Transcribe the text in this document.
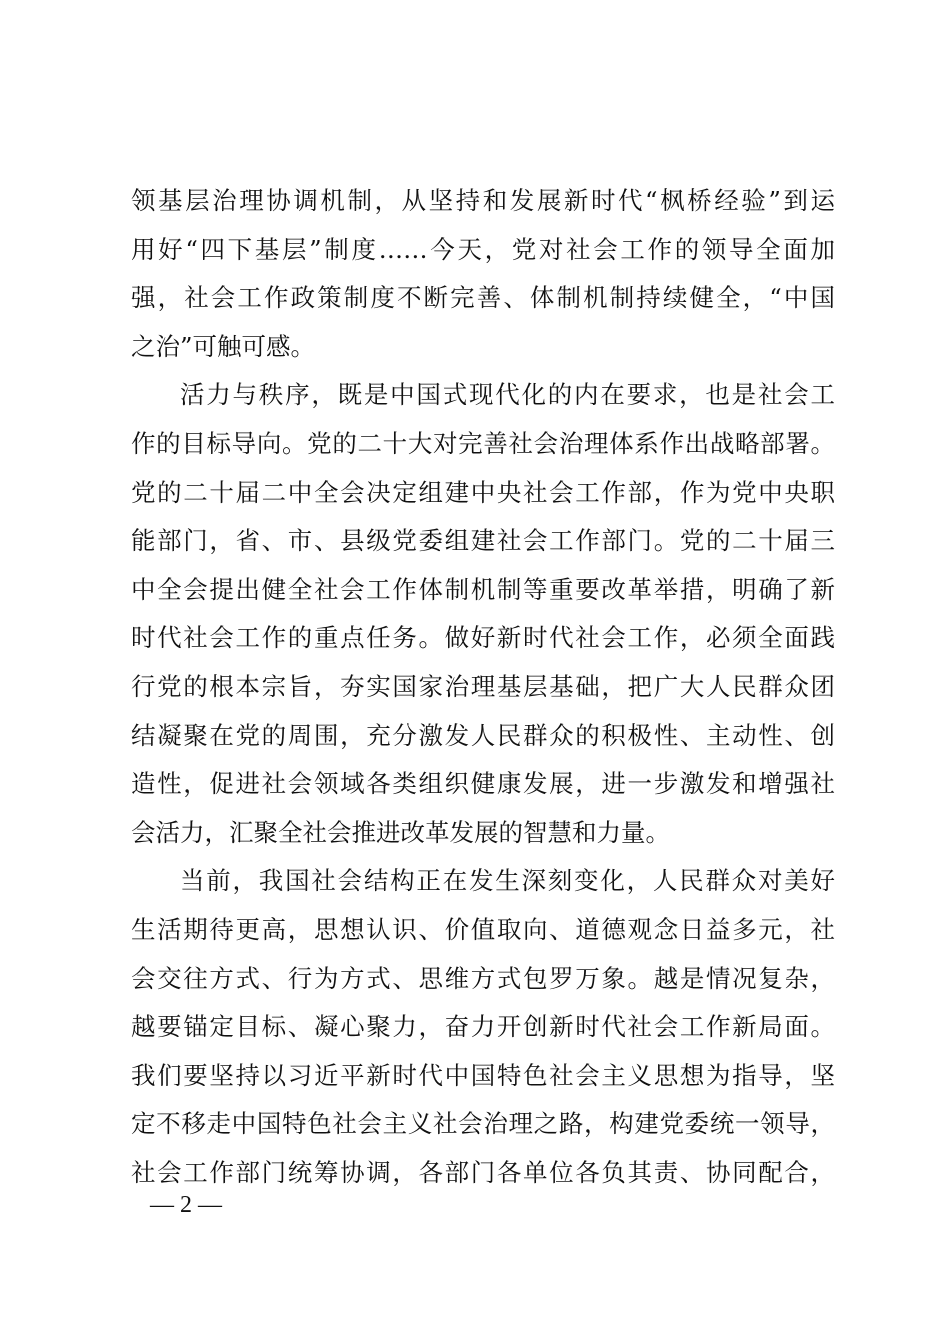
领基层治理协调机制，从坚持和发展新时代“枫桥经验”到运
用好“四下基层”制度……今天，党对社会工作的领导全面加
强，社会工作政策制度不断完善、体制机制持续健全，“中国
之治”可触可感。
活力与秩序，既是中国式现代化的内在要求，也是社会工
作的目标导向。党的二十大对完善社会治理体系作出战略部署。
党的二十届二中全会决定组建中央社会工作部，作为党中央职
能部门，省、市、县级党委组建社会工作部门。党的二十届三
中全会提出健全社会工作体制机制等重要改革举措，明确了新
时代社会工作的重点任务。做好新时代社会工作，必须全面践
行党的根本宗旨，夯实国家治理基层基础，把广大人民群众团
结凝聚在党的周围，充分激发人民群众的积极性、主动性、创
造性，促进社会领域各类组织健康发展，进一步激发和增强社
会活力，汇聚全社会推进改革发展的智慧和力量。
当前，我国社会结构正在发生深刻变化，人民群众对美好
生活期待更高，思想认识、价值取向、道德观念日益多元，社
会交往方式、行为方式、思维方式包罗万象。越是情况复杂，
越要锚定目标、凝心聚力，奋力开创新时代社会工作新局面。
我们要坚持以习近平新时代中国特色社会主义思想为指导，坚
定不移走中国特色社会主义社会治理之路，构建党委统一领导，
社会工作部门统筹协调，各部门各单位各负其责、协同配合，
— 2 —
